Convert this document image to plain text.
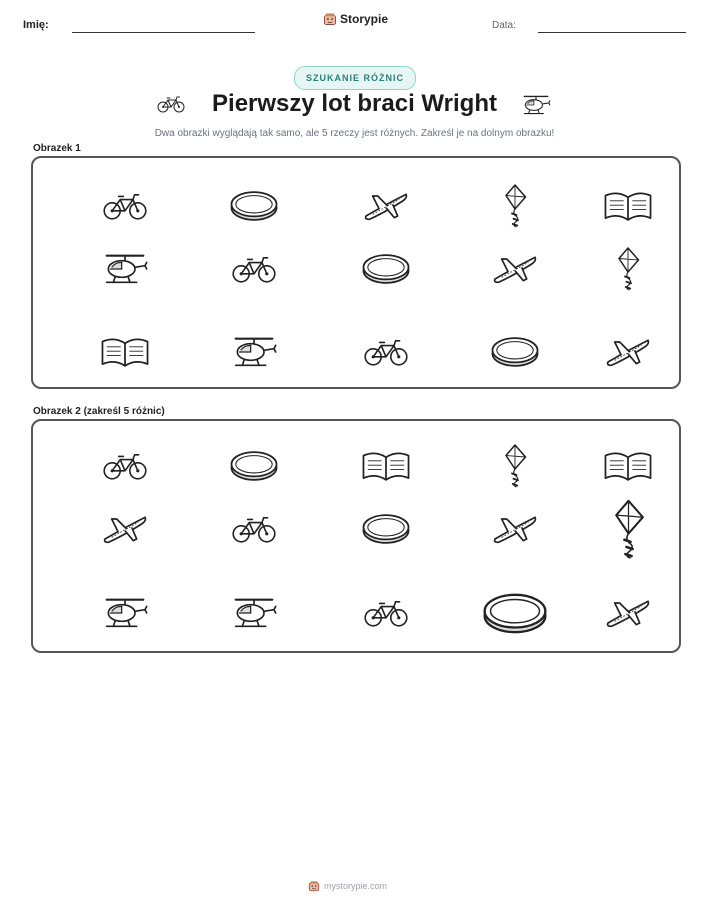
Imię:	Storypie	Data:
SZUKANIE RÓŻNIC
Pierwszy lot braci Wright
Dwa obrazki wyglądają tak samo, ale 5 rzeczy jest różnych. Zakreśl je na dolnym obrazku!
Obrazek 1
Obrazek 2 (zakreśl 5 różnic)
mystorypie.com
